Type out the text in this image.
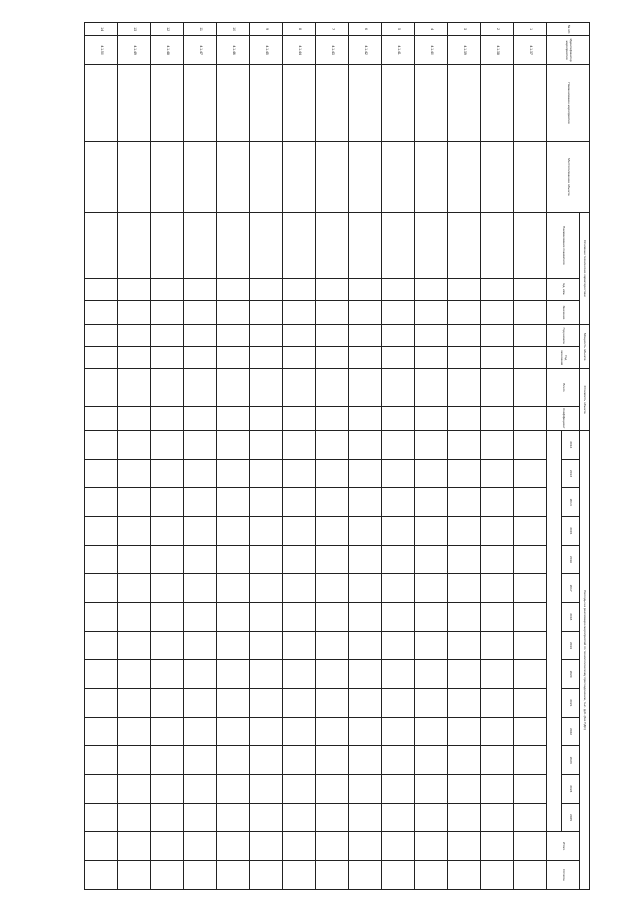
№ п/п	Идентификатор мероприятия	Наименование мероприятия	Местоположение объекта	Основные технические характеристики			Мощность объекта		Стоимость объекта		Расходы на реализацию мероприятий по технологическому присоединению, тыс. руб. (без НДС)															
				Наименование показателя	Ед. изм.	Значение	Год начала	Год окончания	Всего	Коэффициент	2012	2013	2014	2015	2016	2017	2018	2019	2020	2021	2022	2023	2024	2025	Итого	Остаток

1	4.1.37																									
2	4.1.38																									
3	4.1.39																									
4	4.1.40																									
5	4.1.41																									
6	4.1.42																									
7	4.1.43																									
8	4.1.44																									
9	4.1.45																									
10	4.1.46																									
11	4.1.47																									
12	4.1.48																									
13	4.1.49																									
14	4.1.50																									
